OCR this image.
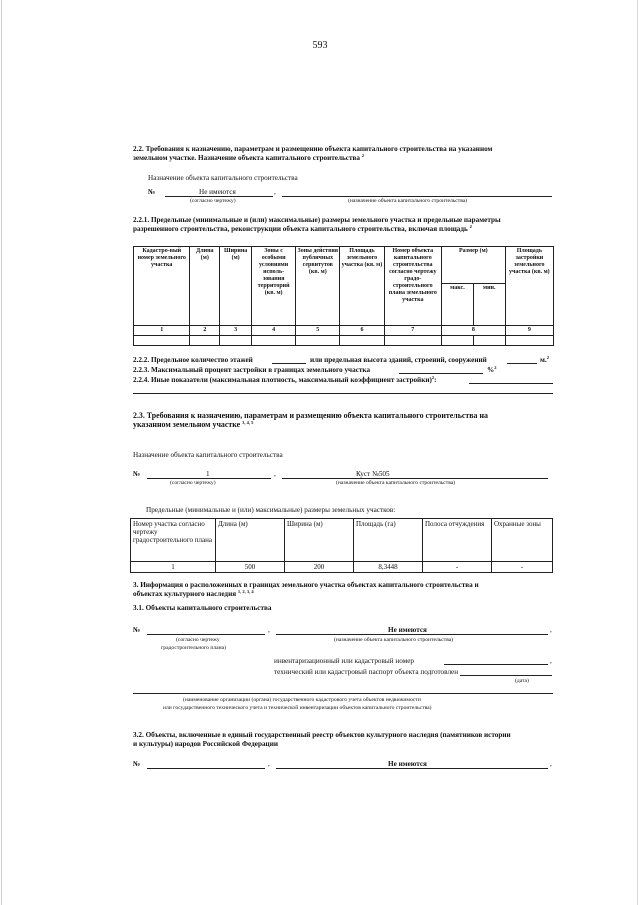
593
2.2. Требования к назначению, параметрам и размещению объекта капитального строительства на указанном
земельном участке. Назначение объекта капитального строительства $^2$
Назначение объекта капитального строительства
№	Не имеются	,
(согласно чертежу)	(назначение объекта капитального строительства)
2.2.1. Предельные (минимальные и (или) максимальные) размеры земельного участка и предельные параметры
разрешенного строительства, реконструкции объекта капитального строительства, включая площадь $^2$
Кадастро-вый номер земельного участка	Длина (м)	Ширина (м)	Зоны с особыми условиями исполь-зования территорий (кв. м)	Зоны действия публичных сервитутов (кв. м)	Площадь земельного участка (кв. м)	Номер объекта капитального строительства согласно чертежу градо-строительного плана земельного участка	Размер (м)		Площадь застройки земельного участка (кв. м)
							макс.	мин.	
1	2	3	4	5	6	7	8		9

2.2.2. Предельное количество этажей	или предельная высота зданий, строений, сооружений	м.$^2$
2.2.3. Максимальный процент застройки в границах земельного участка	%$^2$
2.2.4. Иные показатели (максимальная плотность, максимальный коэффициент застройки)$^2$:
2.3. Требования к назначению, параметрам и размещению объекта капитального строительства на
указанном земельном участке $^{3, 4, 5}$
Назначение объекта капитального строительства
№	1	,	Куст №505
(согласно чертежу)	(назначение объекта капитального строительства)
Предельные (минимальные и (или) максимальные) размеры земельных участков:
Номер участка согласно чертежу градостроительного плана	Длина (м)	Ширина (м)	Площадь (га)	Полоса отчуждения	Охранные зоны
1	500	200	8,3448	-	-
3. Информация о расположенных в границах земельного участка объектах капитального строительства и
объектах культурного наследия $^{1, 2, 3, 4}$
3.1. Объекты капитального строительства
№	,	Не имеются	,
(согласно чертежу
градостроительного плана)
(назначение объекта капитального строительства)
инвентаризационный или кадастровый номер	,
технический или кадастровый паспорт объекта подготовлен
(дата)
(наименование организации (органа) государственного кадастрового учета объектов недвижимости
или государственного технического учета и технической инвентаризации объектов капитального строительства)
3.2. Объекты, включенные в единый государственный реестр объектов культурного наследия (памятников истории
и культуры) народов Российской Федерации
№	,	Не имеются	,
